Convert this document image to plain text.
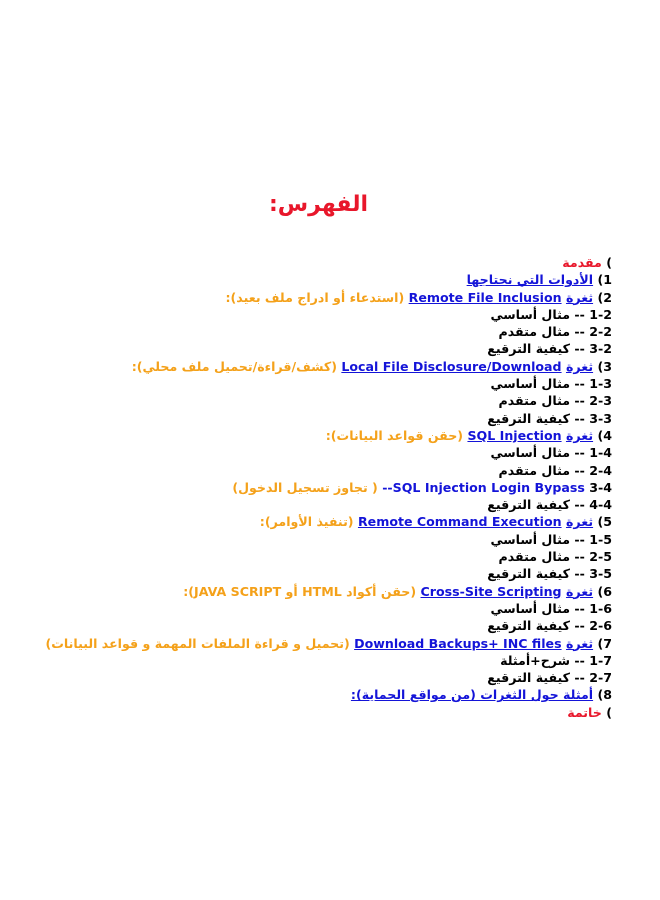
الفهرس:
) مقدمة
1) الأدوات التي نحتاجها
2) ثغرة Remote File Inclusion (استدعاء أو ادراج ملف بعيد):
1-2 -- مثال أساسي
2-2 -- مثال متقدم
3-2 -- كيفية الترقيع
3) ثغرة Local File Disclosure/Download (كشف/قراءة/تحميل ملف محلي):
1-3 -- مثال أساسي
2-3 -- مثال متقدم
3-3 -- كيفية الترقيع
4) ثغرة SQL Injection (حقن قواعد البيانات):
1-4 -- مثال أساسي
2-4 -- مثال متقدم
3-4 --SQL Injection Login Bypass ( تجاوز تسجيل الدخول)
4-4 -- كيفية الترقيع
5) ثغرة Remote Command Execution (تنفيذ الأوامر):
1-5 -- مثال أساسي
2-5 -- مثال متقدم
3-5 -- كيفية الترقيع
6) ثغرة Cross-Site Scripting (حقن أكواد HTML أو JAVA SCRIPT):
1-6 -- مثال أساسي
2-6 -- كيفية الترقيع
7) ثغرة Download Backups+ INC files (تحميل و قراءة الملفات المهمة و قواعد البيانات)
1-7 -- شرح+أمثلة
2-7 -- كيفية الترقيع
8) أمثلة حول الثغرات (من مواقع الحماية):
) خاتمة
